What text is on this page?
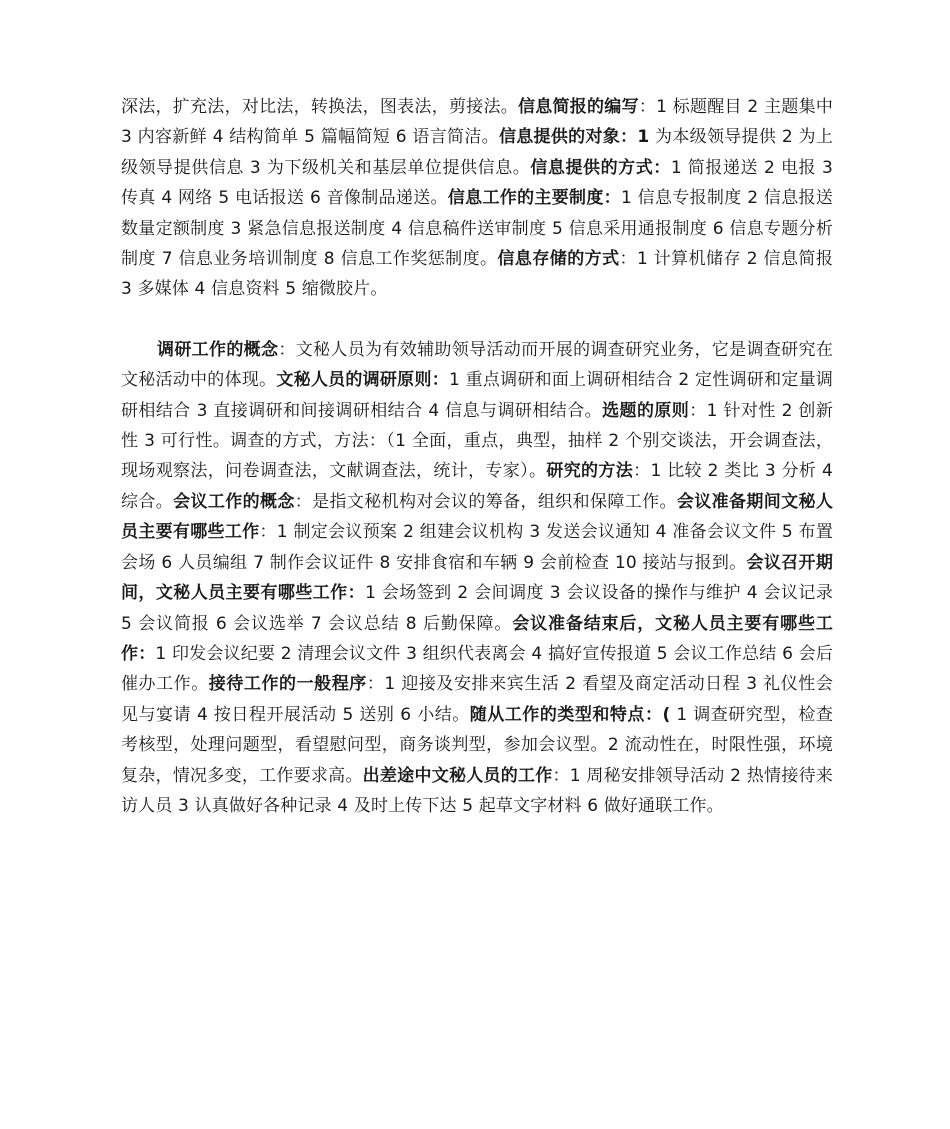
深法，扩充法，对比法，转换法，图表法，剪接法。信息简报的编写：1 标题醒目 2 主题集中 3 内容新鲜 4 结构简单 5 篇幅简短 6 语言简洁。信息提供的对象：1 为本级领导提供 2 为上级领导提供信息 3 为下级机关和基层单位提供信息。信息提供的方式：1 简报递送 2 电报 3 传真 4 网络 5 电话报送 6 音像制品递送。信息工作的主要制度：1 信息专报制度 2 信息报送数量定额制度 3 紧急信息报送制度 4 信息稿件送审制度 5 信息采用通报制度 6 信息专题分析制度 7 信息业务培训制度 8 信息工作奖惩制度。信息存储的方式：1 计算机储存 2 信息简报 3 多媒体 4 信息资料 5 缩微胶片。

调研工作的概念：文秘人员为有效辅助领导活动而开展的调查研究业务，它是调查研究在文秘活动中的体现。文秘人员的调研原则：1 重点调研和面上调研相结合 2 定性调研和定量调研相结合 3 直接调研和间接调研相结合 4 信息与调研相结合。选题的原则：1 针对性 2 创新性 3 可行性。调查的方式，方法：（1 全面，重点，典型，抽样 2 个别交谈法，开会调查法，现场观察法，问卷调查法，文献调查法，统计，专家）。研究的方法：1 比较 2 类比 3 分析 4 综合。会议工作的概念：是指文秘机构对会议的筹备，组织和保障工作。会议准备期间文秘人员主要有哪些工作：1 制定会议预案 2 组建会议机构 3 发送会议通知 4 准备会议文件 5 布置会场 6 人员编组 7 制作会议证件 8 安排食宿和车辆 9 会前检查 10 接站与报到。会议召开期间，文秘人员主要有哪些工作：1 会场签到 2 会间调度 3 会议设备的操作与维护 4 会议记录 5 会议简报 6 会议选举 7 会议总结 8 后勤保障。会议准备结束后，文秘人员主要有哪些工作：1 印发会议纪要 2 清理会议文件 3 组织代表离会 4 搞好宣传报道 5 会议工作总结 6 会后催办工作。接待工作的一般程序：1 迎接及安排来宾生活 2 看望及商定活动日程 3 礼仪性会见与宴请 4 按日程开展活动 5 送别 6 小结。随从工作的类型和特点：( 1 调查研究型，检查考核型，处理问题型，看望慰问型，商务谈判型，参加会议型。2 流动性在，时限性强，环境复杂，情况多变，工作要求高。出差途中文秘人员的工作：1 周秘安排领导活动 2 热情接待来访人员 3 认真做好各种记录 4 及时上传下达 5 起草文字材料 6 做好通联工作。
